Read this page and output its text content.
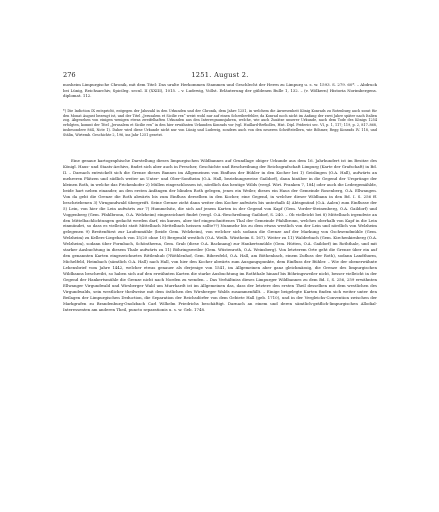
276	1251. August 2.

mosheim Limpurgische Chronik, mit dem Titel: Das uralte Herkommen Stammen und Geschlecht der Herrn zu Limpurg u. s. w. 1593. S. 279. 60*. – Abdruck bei Lünig, Reichsarchiv, Spicileg. secul. II (XXIII), 1015. – v. Ludewig, Vollst. Erläuterung der güldenen Bulle 1, 132. – (v. Wölkern) Historia Norimbergens. diplomat. 112.

*) Die Indiction IX entspricht, entgegen der Jahrzahl in den Urkunden und der Chronik, dem Jahre 1251, in welchem die Anwesenheit König Konrads zu Rotenburg auch sonst für den Monat August bezeugt ist, und der Titel „Jerusalem et Sicilie rex“ weist wohl nur auf einen Schreiberfehler, da Konrad noch nicht im Anfang der zwei Jahre später nach Italien zog. Abgesehen von einigen wenigen etwas zweifelhaften Urkunden aus den Interregnumsjahren, welche, wie auch Zusätze unserer Urkunde, nach dem Tode des Königs 1254 erfolgten, kommt der Titel „Jerusalem et Sicilie rex“ in den hier erwähnten Urkunden Konrads vor (vgl. Huillard-Bréholles, Hist. Dipl. Friderici sec. VI, p. 1, 117; 119, p. 2, 817–868, insbesondere 864, Note 1). Daher wird diese Urkunde nicht nur von Lünig und Ludewig, sondern auch von den neueren Schriftstellern, wie Böhmer, Regg Konrads IV. 118, und Stälin, Wirtemb. Geschichte 2, 196, ins Jahr 1251 gesetzt.

Eine genaue kartographische Darstellung dieses limpurgischen Wildbannes auf Grundlage obiger Urkunde aus dem 16. Jahrhundert ist im Besitze des Königl. Haus- und Staats-Archivs, findet sich aber auch in Prescher, Geschichte und Beschreibung der Reichsgrafschaft Limpurg (Karte der Grafschaft) in Bd. II. – Darnach entwickelt sich die Grenze dieses Bannes im Allgemeinen von Einfluss der Bühler in den Kocher bei 1) Geislingen (O.A. Hall), aufwärts an mehreren Plätzen und südlich weiter an Unter- und Ober-Sontheim (O.A. Hall, beziehungsweise Gaildorf), dann hinüber in die Gegend der Ursprünge der kleinen Roth, in welche das Frickenhofer 2) Müllen eingeschlossen ist, nördlich das heutige Wilds (vergl. Wirt. Franken 7, 184) oder auch die Ledergemählde, beide hart neben einander, an den ersten Anfängen der blinden Roth gelegen, jenes ein Weiler, dieses ein Haus der Gemeinde Rosenberg, O.A. Ellwangen. Von da geht die Grenze die Roth abwärts bis zum Einfluss derselben in den Kocher, eine Gegend, in welcher dieser Wildbann in den Bd. I. S. 256 ff. beschriebenen 3) Virngundwald übergreift. Seine Grenze zieht dann weiter den Kocher aufwärts bis unterhalb 4) Abtsgmünd (O.A. Aalen) zum Einflusse der 5) Lein, von hier die Lein aufwärts zur 7) Hummelsitz, die sich auf jenem Karten in der Gegend von Kapf (Gem. Vorder-Steinenberg, O.A. Gaildorf) und Voggenberg (Gem. Pfahlbronn, O.A. Welzheim) eingezeichnet findet (vergl. O.A.-Beschreibung Gaildorf, S. 240. – Ob vielleicht bei 8) Mittelbach irgendwie an den Mittelbachlichtungen gedacht werden darf, ein kurzes, aber tief eingeschnittenes Thal der Gemeinde Pfahlbronn, welches oberhalb von Kapf in die Lein einmündet, so dass es vielleicht statt Mittelbach Mettelbach heissen sollte??) Nunmehr bis zu dem etwas westlich von der Lein und nördlich von Welzheim gelegenen 9) Breitenfürst zur Laufenmühle (beide Gem. Welzheim), von welcher sich sodann die Grenze auf der Markung von Gschwendmühle (Gem. Welzheim) zu Kellers-Liegebach von 15/20 ohne 10) Bergwald westlich (O.A. Weilh. Wüstheim S. 167). Weiter zu 11) Walderbach (Gem. Kirchenkirnberg (O.A. Welzheim), sodann über Formbach, Schöntherna, Gem. Grab (diese O.A. Backnang) zur Hankertsmühle (Gem. Hütten, O.A. Gaildorf) im Roththale, und mit starker Ausbuchtung in diesem Thale aufwärts zu 11) Böhringsweiler (Gem. Wüstenroth, O.A. Weinsberg). Von letzterem Orte geht die Grenze über ein auf den genannten Karten eingezeichnetes Rittlenhub (?Röthlenhof, Gem. Bibersfeld, O.A. Hall, am Böthenbach, einem Zufluss der Roth), sodann Landthurm, Michelfeld, Heimbach (sämtlich O.A. Hall) nach Hall, von hier den Kocher abwärts zum Ausgangspunkte, dem Einfluss der Bühler. – Wie der obenerwähnte Lehensbrief vom Jahre 1442, welcher etwas genauer als derjenige von 1541, im Allgemeinen aber ganz gleichmässig, die Grenze des limpurgischen Wildbanns beschreibt, so haben sich auf den erwähnten Karten die starke Ausbuchtung im Roththale hinauf bis Böhringsweiler nicht, besser vielleicht in der Gegend der Hankertsmühle die Grenze nicht nach Norden zu wenden. – Das Verhältniss dieses Limpurger Wildbannes zu dem Bd. I, S. 256, 259 erwähnten Ellwanger Virgundwald und Wirsberger Wald um Murrhardt ist im Allgemeinen das, dass der letztere den ersten Theil desselben mit dem westlichen des Virgundwalds, sein westlicher theilweise mit dem östlichen des Wirsberger Walds zusammenfällt. – Einige beigelegte Karten finden sich weiter unter den Beilagen der Limpurgischen Deduction, die Separation der Reichsdörfer von dem Gebiete Hall (geb. 1710), und in der Vergleichs-Convention zwischen der Markgrafen zu Brandenburg-Onolzbach Carl Wilhelm Friedrichs beschäftigt. Darnach an einem und deren sämtlich-gräflich-limpurgischen Allodial-Interessenten am anderen Theil, puncto separationis u. s. w. Geb. 1748.
